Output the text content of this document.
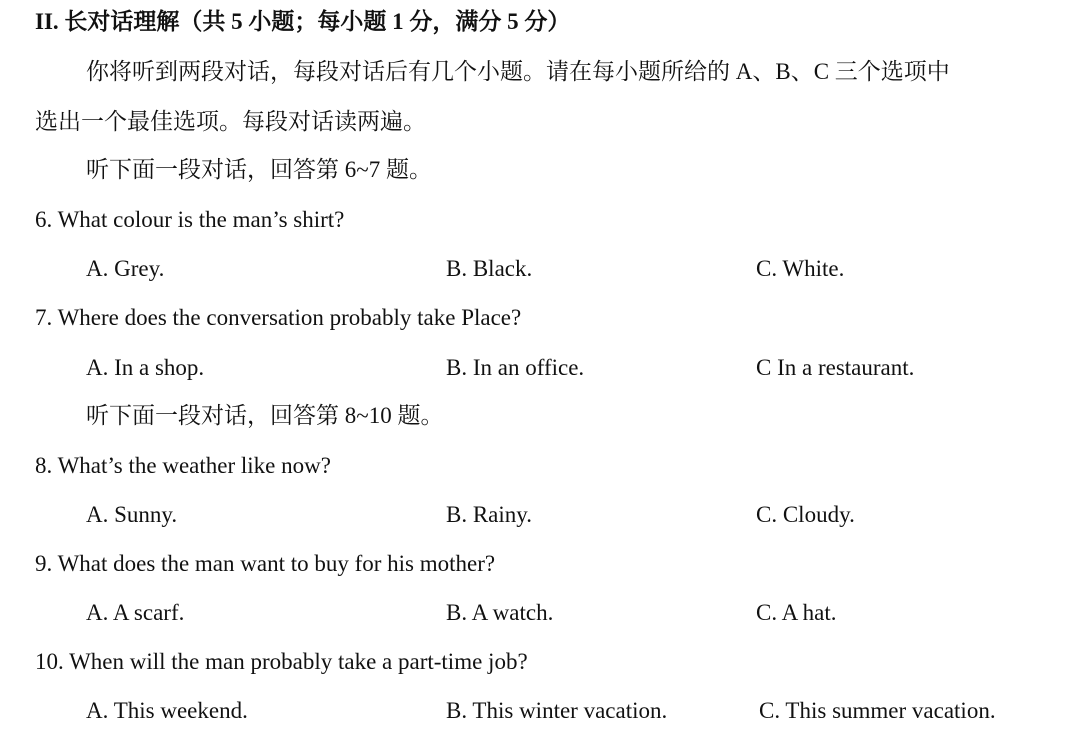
II. 长对话理解（共 5 小题；每小题 1 分，满分 5 分）
你将听到两段对话，每段对话后有几个小题。请在每小题所给的 A、B、C 三个选项中
选出一个最佳选项。每段对话读两遍。
听下面一段对话，回答第 6~7 题。
6. What colour is the man’s shirt?
A. Grey.	B. Black.	C. White.
7. Where does the conversation probably take Place?
A. In a shop.	B. In an office.	C In a restaurant.
听下面一段对话，回答第 8~10 题。
8. What’s the weather like now?
A. Sunny.	B. Rainy.	C. Cloudy.
9. What does the man want to buy for his mother?
A. A scarf.	B. A watch.	C. A hat.
10. When will the man probably take a part-time job?
A. This weekend.	B. This winter vacation.	C. This summer vacation.
